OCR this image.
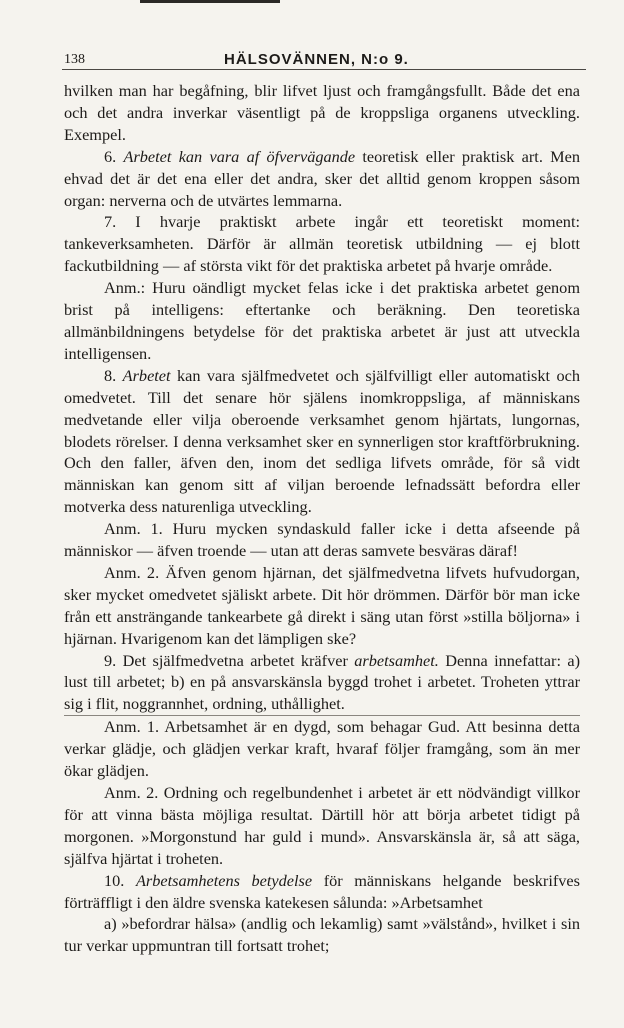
138	HÄLSOVÄNNEN, N:o 9.

hvilken man har begåfning, blir lifvet ljust och framgångsfullt. Både det ena och det andra inverkar väsentligt på de kroppsliga organens utveckling. Exempel.

6. Arbetet kan vara af öfvervägande teoretisk eller praktisk art. Men ehvad det är det ena eller det andra, sker det alltid genom kroppen såsom organ: nerverna och de utvärtes lemmarna.

7. I hvarje praktiskt arbete ingår ett teoretiskt moment: tankeverksamheten. Därför är allmän teoretisk utbildning — ej blott fackutbildning — af största vikt för det praktiska arbetet på hvarje område.

Anm.: Huru oändligt mycket felas icke i det praktiska arbetet genom brist på intelligens: eftertanke och beräkning. Den teoretiska allmänbildningens betydelse för det praktiska arbetet är just att utveckla intelligensen.

8. Arbetet kan vara själfmedvetet och själfvilligt eller automatiskt och omedvetet. Till det senare hör själens inomkroppsliga, af människans medvetande eller vilja oberoende verksamhet genom hjärtats, lungornas, blodets rörelser. I denna verksamhet sker en synnerligen stor kraftförbrukning. Och den faller, äfven den, inom det sedliga lifvets område, för så vidt människan kan genom sitt af viljan beroende lefnadssätt befordra eller motverka dess naturenliga utveckling.

Anm. 1. Huru mycken syndaskuld faller icke i detta afseende på människor — äfven troende — utan att deras samvete besväras däraf!

Anm. 2. Äfven genom hjärnan, det själfmedvetna lifvets hufvudorgan, sker mycket omedvetet själiskt arbete. Dit hör drömmen. Därför bör man icke från ett ansträngande tankearbete gå direkt i säng utan först »stilla böljorna» i hjärnan. Hvarigenom kan det lämpligen ske?

9. Det själfmedvetna arbetet kräfver arbetsamhet. Denna innefattar: a) lust till arbetet; b) en på ansvarskänsla byggd trohet i arbetet. Troheten yttrar sig i flit, noggrannhet, ordning, uthållighet.

Anm. 1. Arbetsamhet är en dygd, som behagar Gud. Att besinna detta verkar glädje, och glädjen verkar kraft, hvaraf följer framgång, som än mer ökar glädjen.

Anm. 2. Ordning och regelbundenhet i arbetet är ett nödvändigt villkor för att vinna bästa möjliga resultat. Därtill hör att börja arbetet tidigt på morgonen. »Morgonstund har guld i mund». Ansvarskänsla är, så att säga, själfva hjärtat i troheten.

10. Arbetsamhetens betydelse för människans helgande beskrifves förträffligt i den äldre svenska katekesen sålunda: »Arbetsamhet

a) »befordrar hälsa» (andlig och lekamlig) samt »välstånd», hvilket i sin tur verkar uppmuntran till fortsatt trohet;
